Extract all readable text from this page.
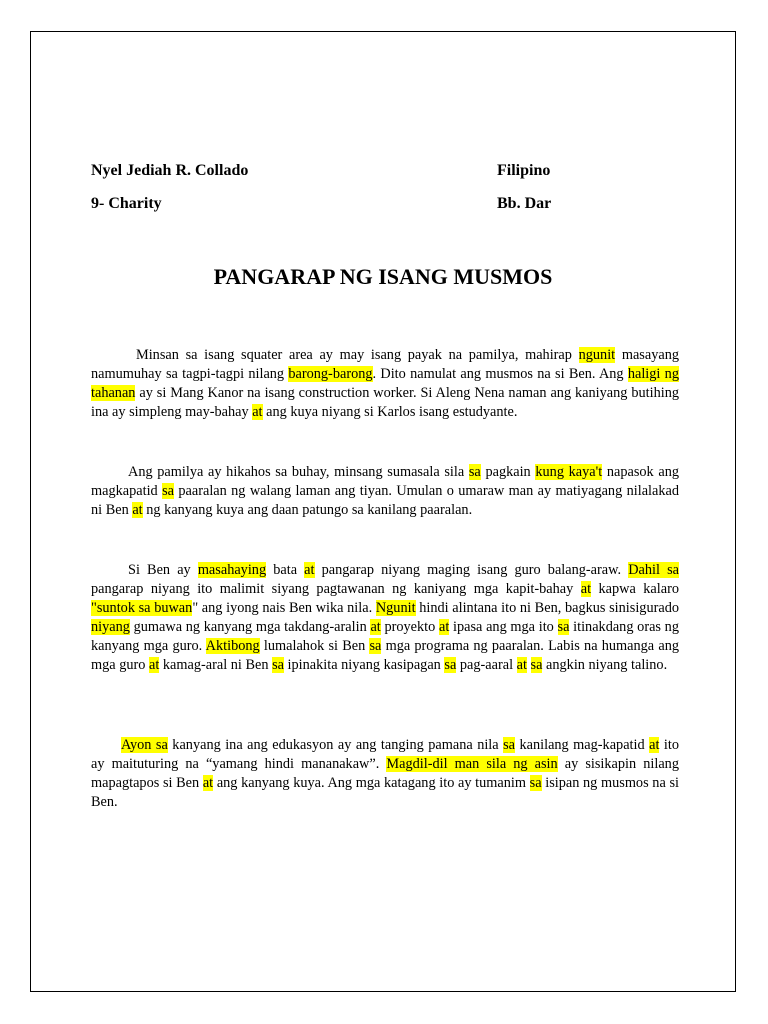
Nyel Jediah R. Collado
9- Charity
Filipino
Bb. Dar
PANGARAP NG ISANG MUSMOS

Minsan sa isang squater area ay may isang payak na pamilya, mahirap ngunit masayang namumuhay sa tagpi-tagpi nilang barong-barong. Dito namulat ang musmos na si Ben. Ang haligi ng tahanan ay si Mang Kanor na isang construction worker. Si Aleng Nena naman ang kaniyang butihing ina ay simpleng may-bahay at ang kuya niyang si Karlos isang estudyante.

Ang pamilya ay hikahos sa buhay, minsang sumasala sila sa pagkain kung kaya't napasok ang magkapatid sa paaralan ng walang laman ang tiyan. Umulan o umaraw man ay matiyagang nilalakad ni Ben at ng kanyang kuya ang daan patungo sa kanilang paaralan.

Si Ben ay masahaying bata at pangarap niyang maging isang guro balang-araw. Dahil sa pangarap niyang ito malimit siyang pagtawanan ng kaniyang mga kapit-bahay at kapwa kalaro "suntok sa buwan" ang iyong nais Ben wika nila. Ngunit hindi alintana ito ni Ben, bagkus sinisigurado niyang gumawa ng kanyang mga takdang-aralin at proyekto at ipasa ang mga ito sa itinakdang oras ng kanyang mga guro. Aktibong lumalahok si Ben sa mga programa ng paaralan. Labis na humanga ang mga guro at kamag-aral ni Ben sa ipinakita niyang kasipagan sa pag-aaral at sa angkin niyang talino.

Ayon sa kanyang ina ang edukasyon ay ang tanging pamana nila sa kanilang mag-kapatid at ito ay maituturing na “yamang hindi mananakaw”. Magdil-dil man sila ng asin ay sisikapin nilang mapagtapos si Ben at ang kanyang kuya. Ang mga katagang ito ay tumanim sa isipan ng musmos na si Ben.
